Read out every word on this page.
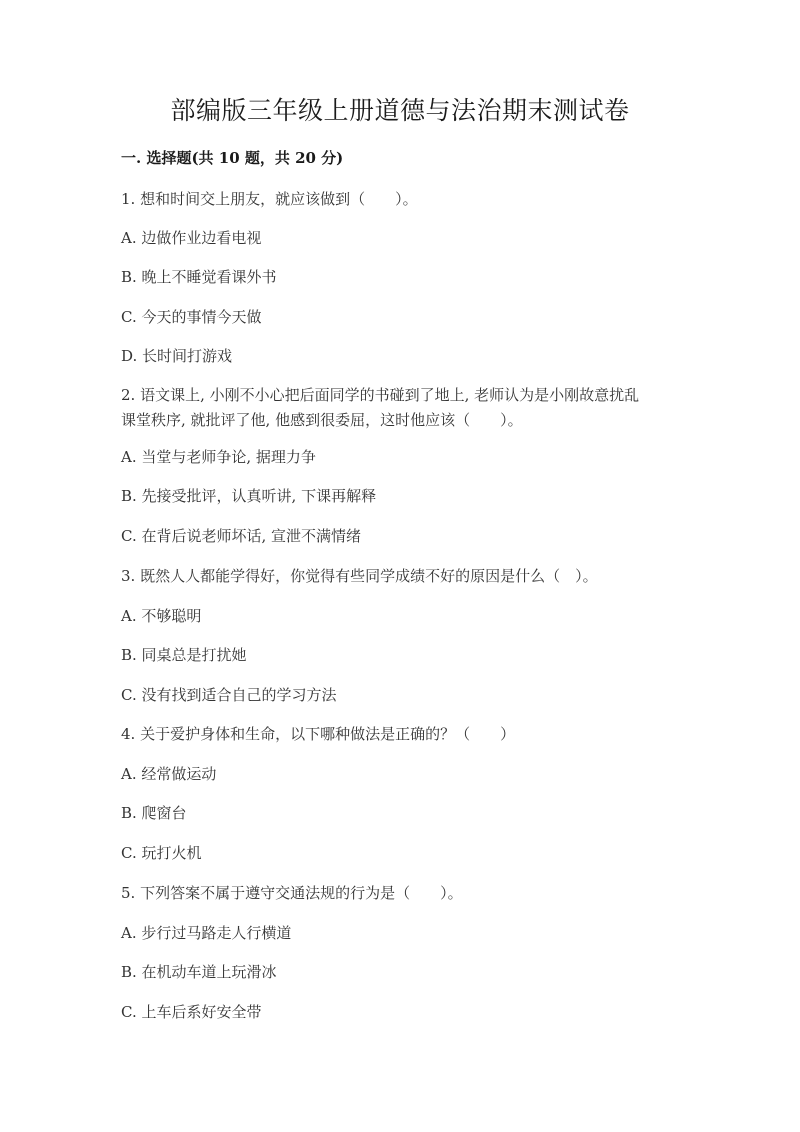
部编版三年级上册道德与法治期末测试卷
一. 选择题(共 10 题，共 20 分)
1. 想和时间交上朋友，就应该做到（　　）。
A. 边做作业边看电视
B. 晚上不睡觉看课外书
C. 今天的事情今天做
D. 长时间打游戏
2. 语文课上, 小刚不小心把后面同学的书碰到了地上, 老师认为是小刚故意扰乱
课堂秩序, 就批评了他, 他感到很委屈，这时他应该（　　）。
A. 当堂与老师争论, 据理力争
B. 先接受批评，认真听讲, 下课再解释
C. 在背后说老师坏话, 宣泄不满情绪
3. 既然人人都能学得好，你觉得有些同学成绩不好的原因是什么（　）。
A. 不够聪明
B. 同桌总是打扰她
C. 没有找到适合自己的学习方法
4. 关于爱护身体和生命，以下哪种做法是正确的？（　　）
A. 经常做运动
B. 爬窗台
C. 玩打火机
5. 下列答案不属于遵守交通法规的行为是（　　）。
A. 步行过马路走人行横道
B. 在机动车道上玩滑冰
C. 上车后系好安全带
